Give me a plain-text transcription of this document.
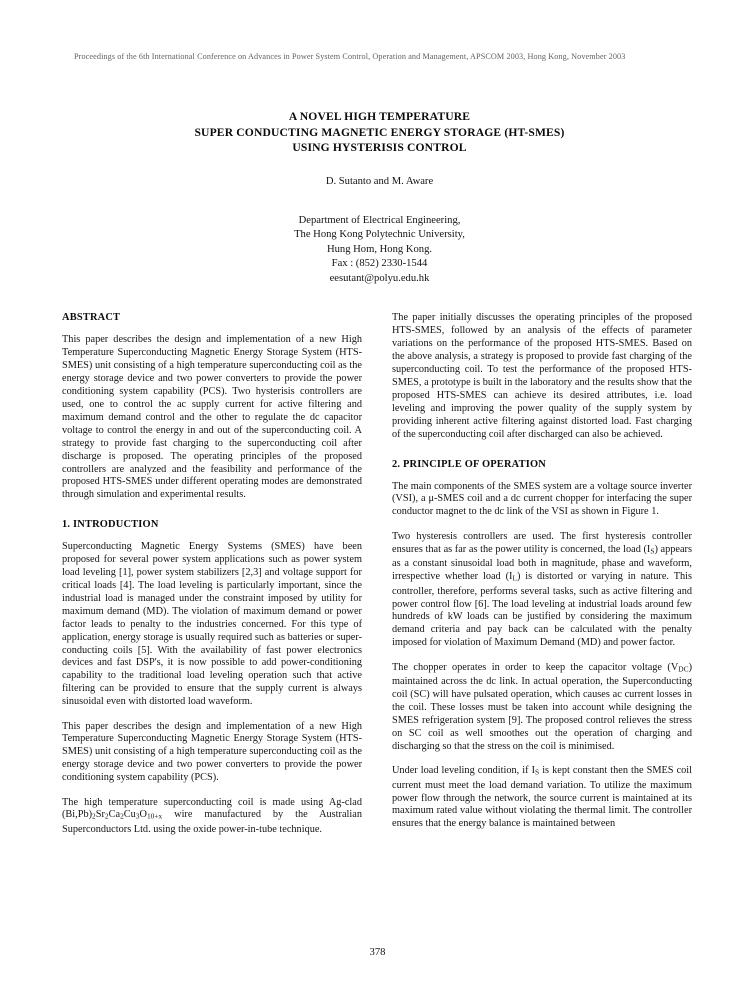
Proceedings of the 6th International Conference on Advances in Power System Control, Operation and Management, APSCOM 2003, Hong Kong, November 2003
A NOVEL HIGH TEMPERATURE
SUPER CONDUCTING MAGNETIC ENERGY STORAGE (HT-SMES)
USING HYSTERISIS CONTROL
D. Sutanto and M. Aware
Department of Electrical Engineering,
The Hong Kong Polytechnic University,
Hung Hom, Hong Kong.
Fax : (852) 2330-1544
eesutant@polyu.edu.hk
ABSTRACT

This paper describes the design and implementation of a new High Temperature Superconducting Magnetic Energy Storage System (HTS-SMES) unit consisting of a high temperature superconducting coil as the energy storage device and two power converters to provide the power conditioning system capability (PCS). Two hysterisis controllers are used, one to control the ac supply current for active filtering and maximum demand control and the other to regulate the dc capacitor voltage to control the energy in and out of the superconducting coil. A strategy to provide fast charging to the superconducting coil after discharge is proposed. The operating principles of the proposed controllers are analyzed and the feasibility and performance of the proposed HTS-SMES under different operating modes are demonstrated through simulation and experimental results.

1. INTRODUCTION

Superconducting Magnetic Energy Systems (SMES) have been proposed for several power system applications such as power system load leveling [1], power system stabilizers [2,3] and voltage support for critical loads [4]. The load leveling is particularly important, since the industrial load is managed under the constraint imposed by utility for maximum demand (MD). The violation of maximum demand or power factor leads to penalty to the industries concerned. For this type of application, energy storage is usually required such as batteries or super-conducting coils [5]. With the availability of fast power electronics devices and fast DSP's, it is now possible to add power-conditioning capability to the traditional load leveling operation such that active filtering can be provided to ensure that the supply current is always sinusoidal even with distorted load waveform.

This paper describes the design and implementation of a new High Temperature Superconducting Magnetic Energy Storage System (HTS-SMES) unit consisting of a high temperature superconducting coil as the energy storage device and two power converters to provide the power conditioning system capability (PCS).

The high temperature superconducting coil is made using Ag-clad $(Bi,Pb)_2Sr_2Ca_2Cu_3O_{10+x}$ wire manufactured by the Australian Superconductors Ltd. using the oxide power-in-tube technique.

The paper initially discusses the operating principles of the proposed HTS-SMES, followed by an analysis of the effects of parameter variations on the performance of the proposed HTS-SMES. Based on the above analysis, a strategy is proposed to provide fast charging of the superconducting coil. To test the performance of the proposed HTS-SMES, a prototype is built in the laboratory and the results show that the proposed HTS-SMES can achieve its desired attributes, i.e. load leveling and improving the power quality of the supply system by providing inherent active filtering against distorted load. Fast charging of the superconducting coil after discharged can also be achieved.

2. PRINCIPLE OF OPERATION

The main components of the SMES system are a voltage source inverter (VSI), a μ-SMES coil and a dc current chopper for interfacing the super conductor magnet to the dc link of the VSI as shown in Figure 1.

Two hysteresis controllers are used. The first hysteresis controller ensures that as far as the power utility is concerned, the load $(I_S)$ appears as a constant sinusoidal load both in magnitude, phase and waveform, irrespective whether load $(I_L)$ is distorted or varying in nature. This controller, therefore, performs several tasks, such as active filtering and power control flow [6]. The load leveling at industrial loads around few hundreds of kW loads can be justified by considering the maximum demand criteria and pay back can be calculated with the penalty imposed for violation of Maximum Demand (MD) and power factor.

The chopper operates in order to keep the capacitor voltage $(V_{DC})$ maintained across the dc link. In actual operation, the Superconducting coil (SC) will have pulsated operation, which causes ac current losses in the coil. These losses must be taken into account while designing the SMES refrigeration system [9]. The proposed control relieves the stress on SC coil as well smoothes out the operation of charging and discharging so that the stress on the coil is minimised.

Under load leveling condition, if $I_S$ is kept constant then the SMES coil current must meet the load demand variation. To utilize the maximum power flow through the network, the source current is maintained at its maximum rated value without violating the thermal limit. The controller ensures that the energy balance is maintained between

378
